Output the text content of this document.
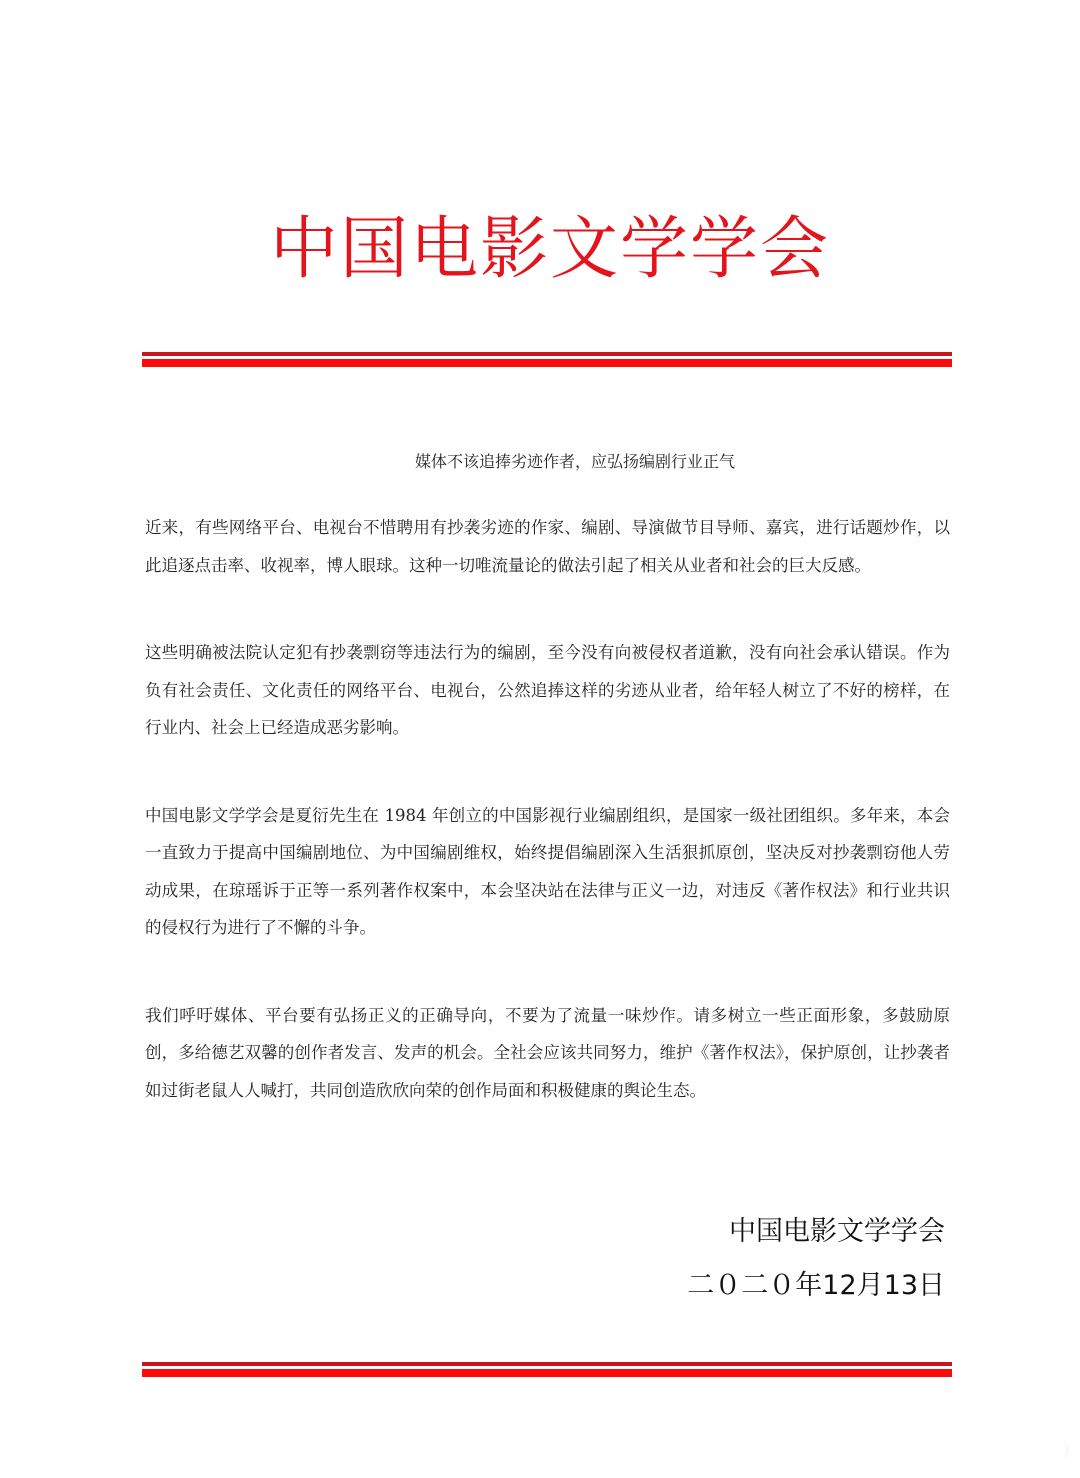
中国电影文学学会
媒体不该追捧劣迹作者，应弘扬编剧行业正气

近来，有些网络平台、电视台不惜聘用有抄袭劣迹的作家、编剧、导演做节目导师、嘉宾，进行话题炒作，以此追逐点击率、收视率，博人眼球。这种一切唯流量论的做法引起了相关从业者和社会的巨大反感。

这些明确被法院认定犯有抄袭剽窃等违法行为的编剧，至今没有向被侵权者道歉，没有向社会承认错误。作为负有社会责任、文化责任的网络平台、电视台，公然追捧这样的劣迹从业者，给年轻人树立了不好的榜样，在行业内、社会上已经造成恶劣影响。

中国电影文学学会是夏衍先生在 1984 年创立的中国影视行业编剧组织，是国家一级社团组织。多年来，本会一直致力于提高中国编剧地位、为中国编剧维权，始终提倡编剧深入生活狠抓原创，坚决反对抄袭剽窃他人劳动成果，在琼瑶诉于正等一系列著作权案中，本会坚决站在法律与正义一边，对违反《著作权法》和行业共识的侵权行为进行了不懈的斗争。

我们呼吁媒体、平台要有弘扬正义的正确导向，不要为了流量一味炒作。请多树立一些正面形象，多鼓励原创，多给德艺双馨的创作者发言、发声的机会。全社会应该共同努力，维护《著作权法》，保护原创，让抄袭者如过街老鼠人人喊打，共同创造欣欣向荣的创作局面和积极健康的舆论生态。

中国电影文学学会
二０二０年12月13日
